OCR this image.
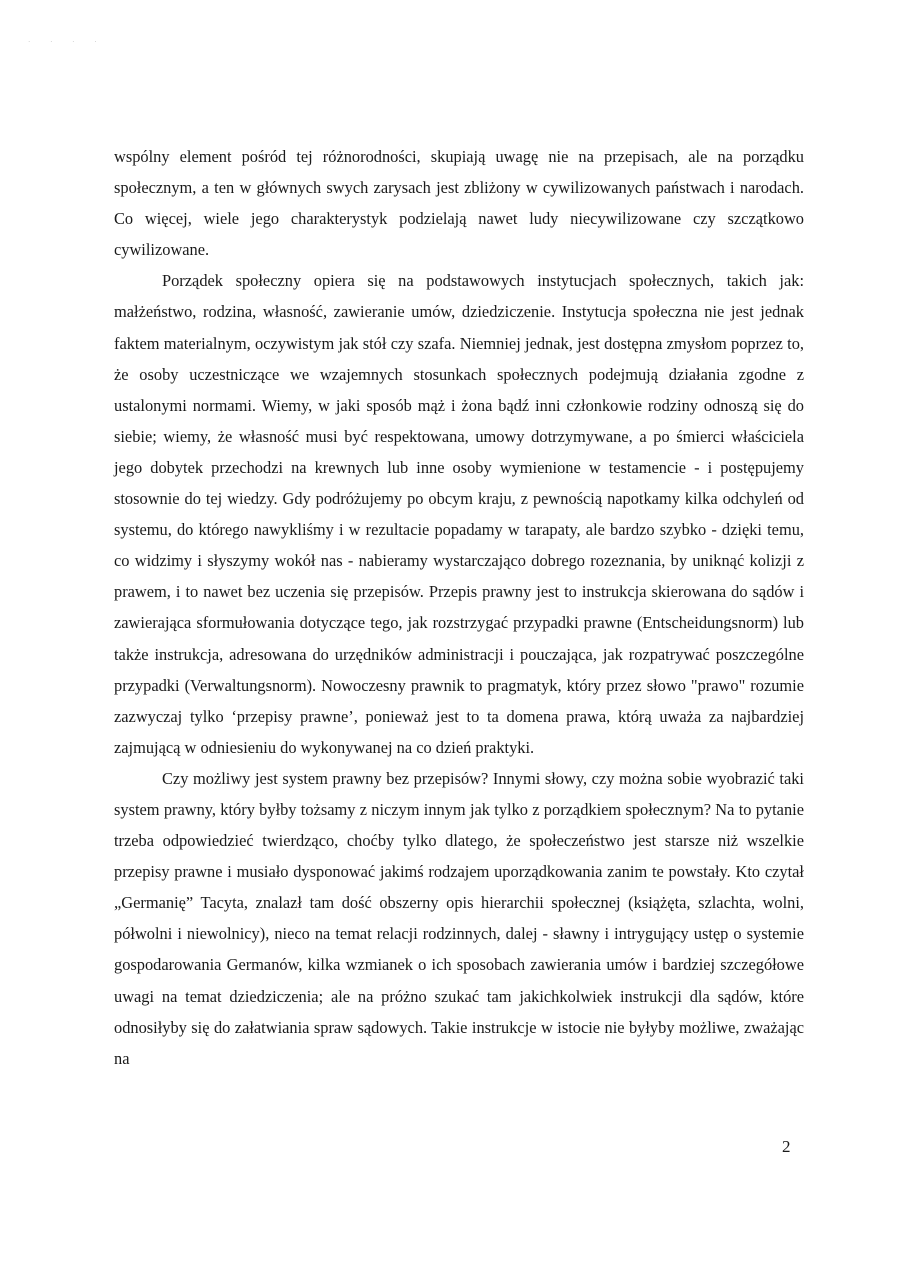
· · · ·

wspólny element pośród tej różnorodności, skupiają uwagę nie na przepisach, ale na porządku społecznym, a ten w głównych swych zarysach jest zbliżony w cywilizowanych państwach i narodach. Co więcej, wiele jego charakterystyk podzielają nawet ludy niecywilizowane czy szczątkowo cywilizowane.

Porządek społeczny opiera się na podstawowych instytucjach społecznych, takich jak: małżeństwo, rodzina, własność, zawieranie umów, dziedziczenie. Instytucja społeczna nie jest jednak faktem materialnym, oczywistym jak stół czy szafa. Niemniej jednak, jest dostępna zmysłom poprzez to, że osoby uczestniczące we wzajemnych stosunkach społecznych podejmują działania zgodne z ustalonymi normami. Wiemy, w jaki sposób mąż i żona bądź inni członkowie rodziny odnoszą się do siebie; wiemy, że własność musi być respektowana, umowy dotrzymywane, a po śmierci właściciela jego dobytek przechodzi na krewnych lub inne osoby wymienione w testamencie - i postępujemy stosownie do tej wiedzy. Gdy podróżujemy po obcym kraju, z pewnością napotkamy kilka odchyleń od systemu, do którego nawykliśmy i w rezultacie popadamy w tarapaty, ale bardzo szybko - dzięki temu, co widzimy i słyszymy wokół nas - nabieramy wystarczająco dobrego rozeznania, by uniknąć kolizji z prawem, i to nawet bez uczenia się przepisów. Przepis prawny jest to instrukcja skierowana do sądów i zawierająca sformułowania dotyczące tego, jak rozstrzygać przypadki prawne (Entscheidungsnorm) lub także instrukcja, adresowana do urzędników administracji i pouczająca, jak rozpatrywać poszczególne przypadki (Verwaltungsnorm). Nowoczesny prawnik to pragmatyk, który przez słowo "prawo" rozumie zazwyczaj tylko ‘przepisy prawne’, ponieważ jest to ta domena prawa, którą uważa za najbardziej zajmującą w odniesieniu do wykonywanej na co dzień praktyki.

Czy możliwy jest system prawny bez przepisów? Innymi słowy, czy można sobie wyobrazić taki system prawny, który byłby tożsamy z niczym innym jak tylko z porządkiem społecznym? Na to pytanie trzeba odpowiedzieć twierdząco, choćby tylko dlatego, że społeczeństwo jest starsze niż wszelkie przepisy prawne i musiało dysponować jakimś rodzajem uporządkowania zanim te powstały. Kto czytał „Germanię” Tacyta, znalazł tam dość obszerny opis hierarchii społecznej (książęta, szlachta, wolni, półwolni i niewolnicy), nieco na temat relacji rodzinnych, dalej - sławny i intrygujący ustęp o systemie gospodarowania Germanów, kilka wzmianek o ich sposobach zawierania umów i bardziej szczegółowe uwagi na temat dziedziczenia; ale na próżno szukać tam jakichkolwiek instrukcji dla sądów, które odnosiłyby się do załatwiania spraw sądowych. Takie instrukcje w istocie nie byłyby możliwe, zważając na

2
